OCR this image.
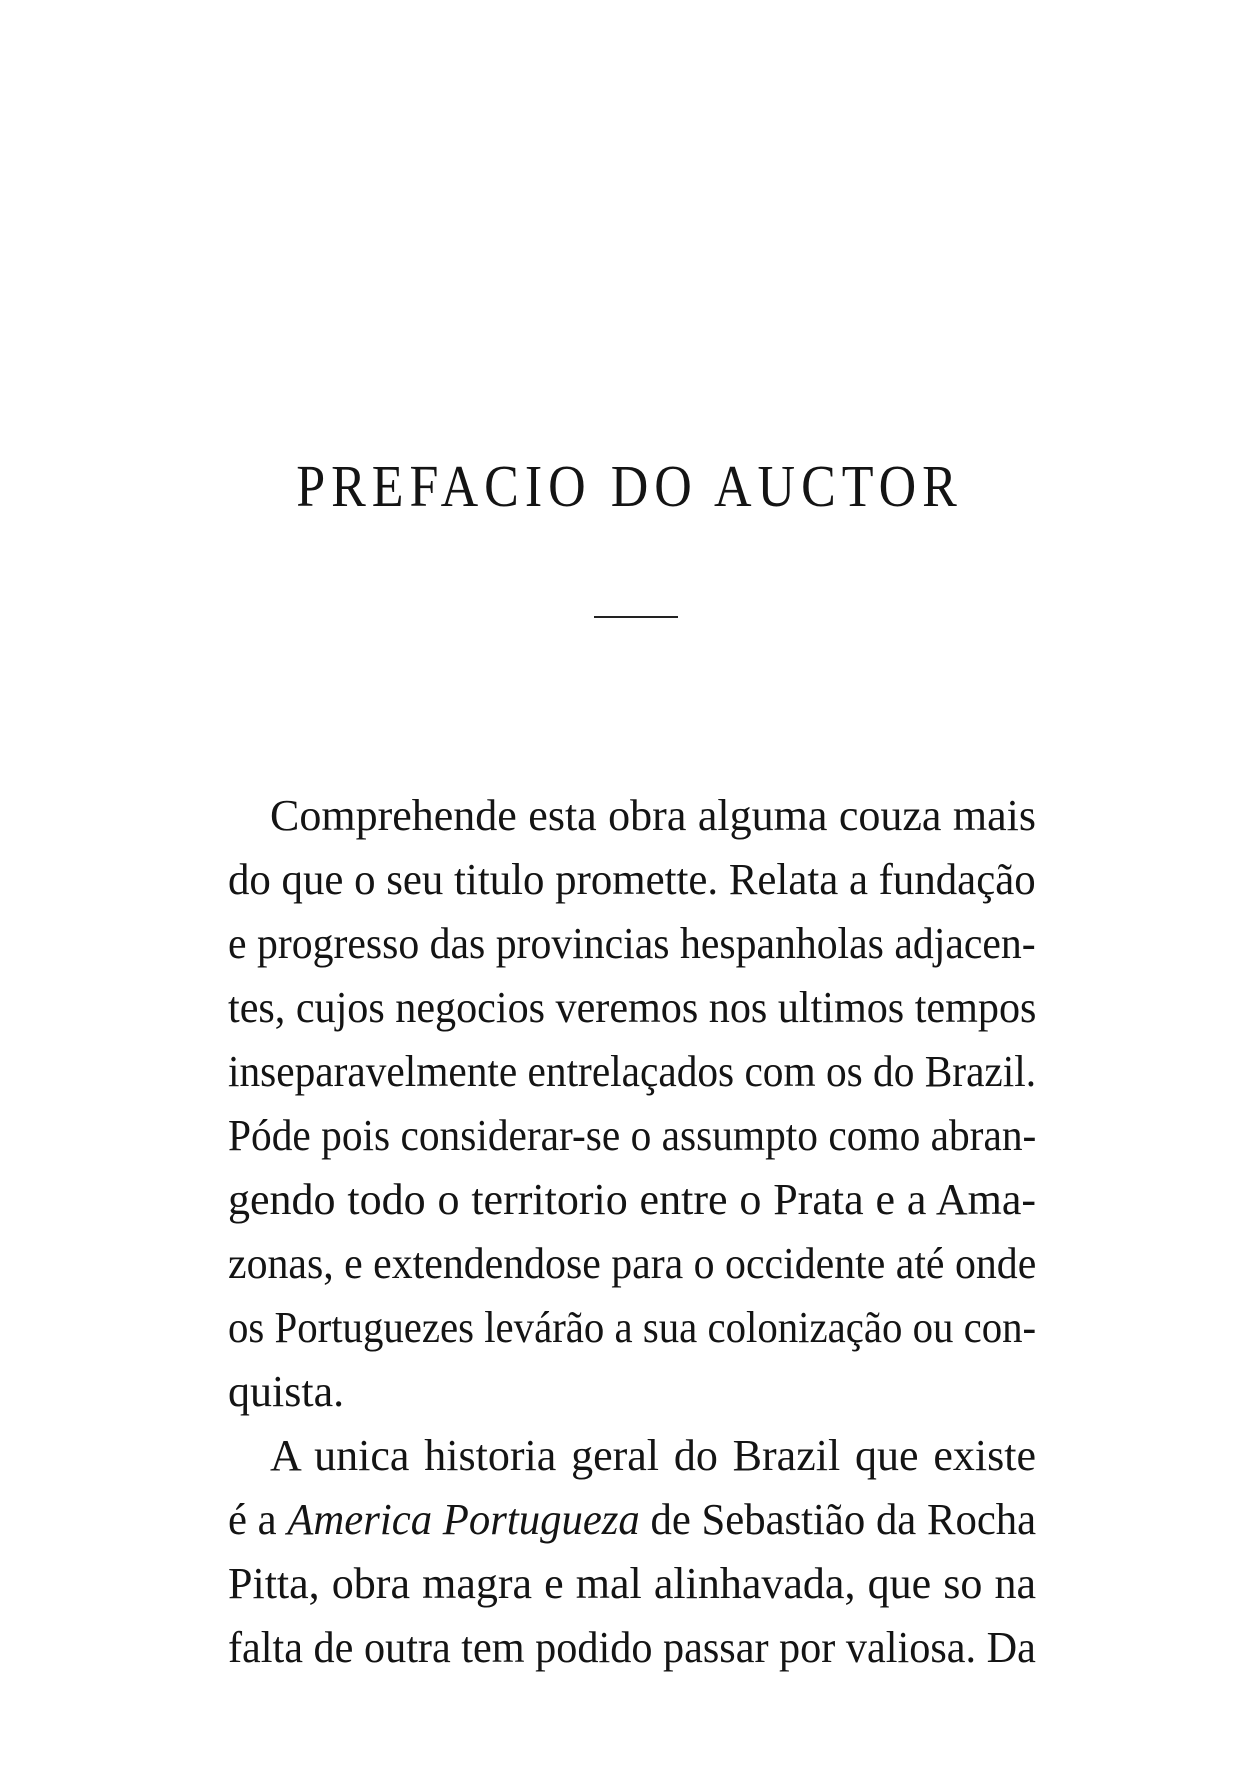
PREFACIO DO AUCTOR
Comprehende esta obra alguma couza mais
do que o seu titulo promette. Relata a fundação
e progresso das provincias hespanholas adjacen-
tes, cujos negocios veremos nos ultimos tempos
inseparavelmente entrelaçados com os do Brazil.
Póde pois considerar-se o assumpto como abran-
gendo todo o territorio entre o Prata e a Ama-
zonas, e extendendose para o occidente até onde
os Portuguezes levárão a sua colonização ou con-
quista.
A unica historia geral do Brazil que existe
é a America Portugueza de Sebastião da Rocha
Pitta, obra magra e mal alinhavada, que so na
falta de outra tem podido passar por valiosa. Da
